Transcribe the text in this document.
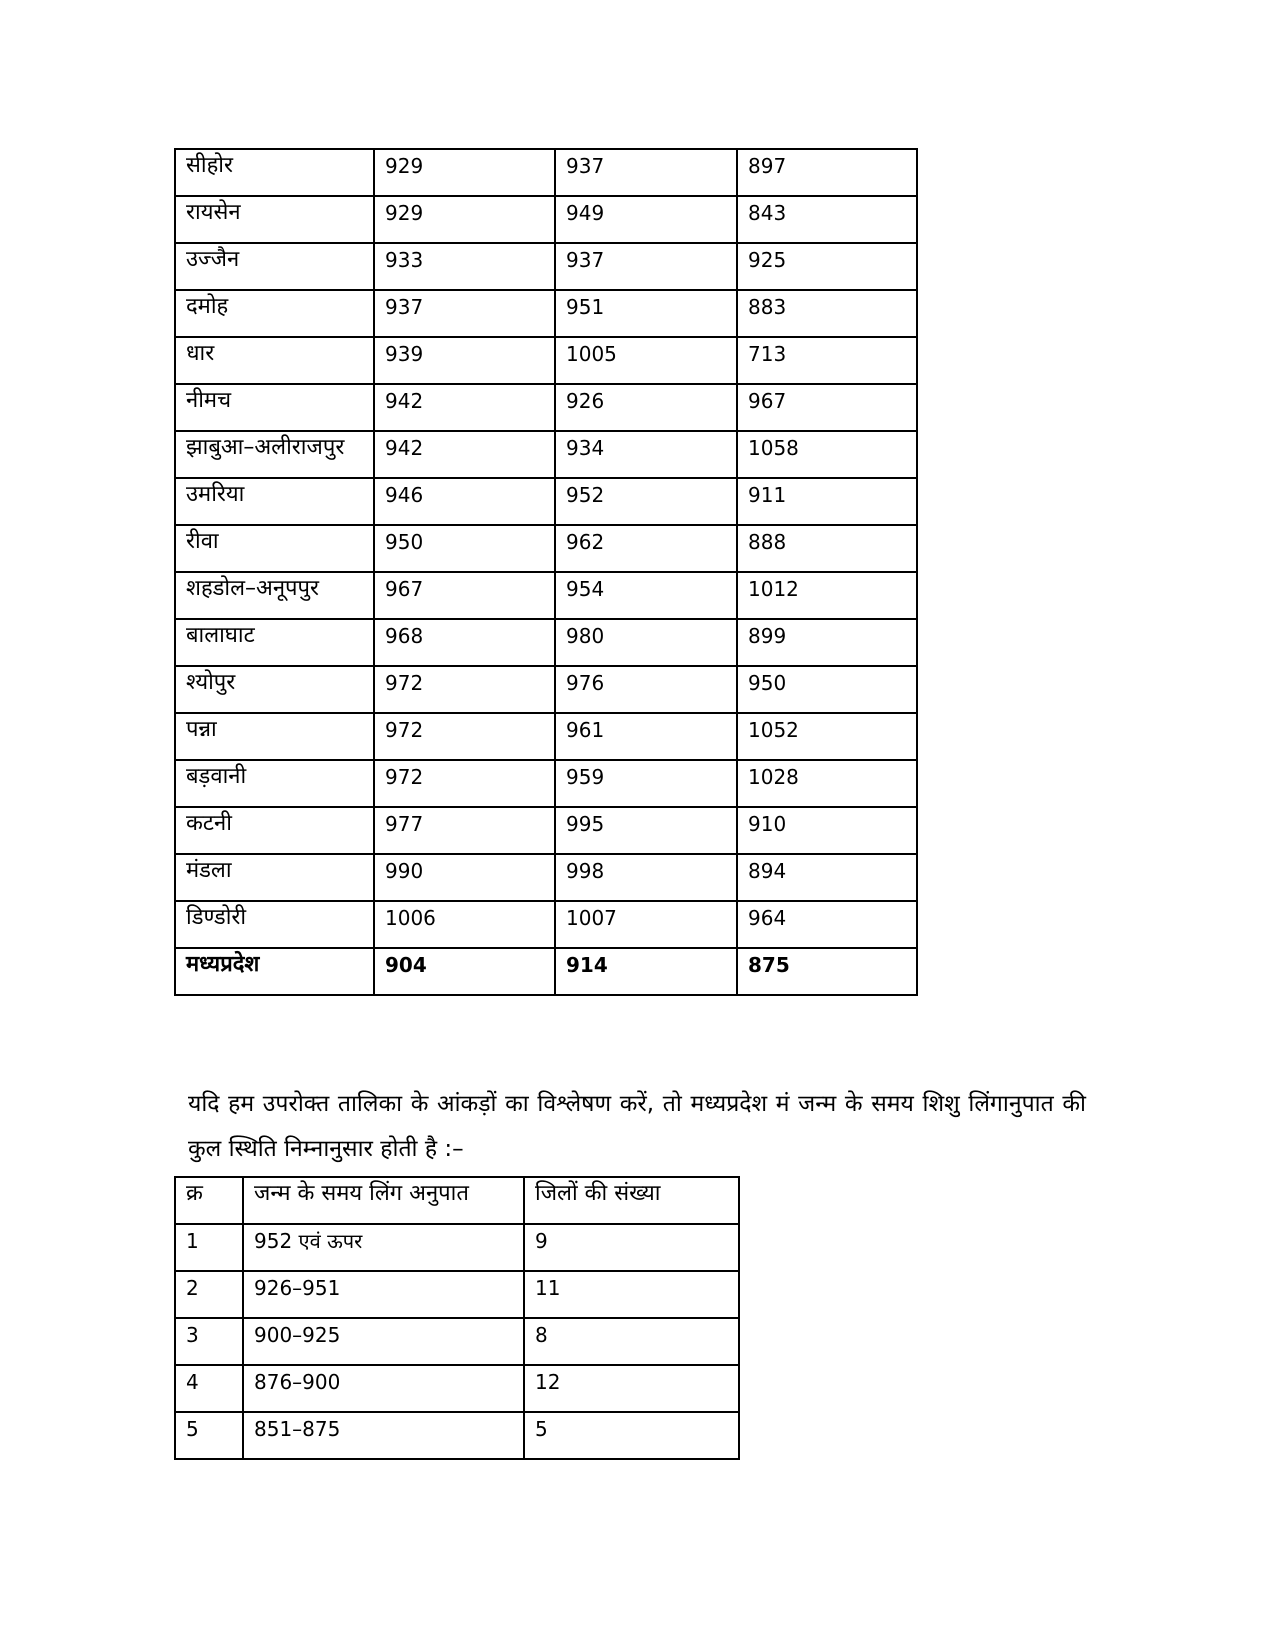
सीहोर	929	937	897
रायसेन	929	949	843
उज्जैन	933	937	925
दमोह	937	951	883
धार	939	1005	713
नीमच	942	926	967
झाबुआ–अलीराजपुर	942	934	1058
उमरिया	946	952	911
रीवा	950	962	888
शहडोल–अनूपपुर	967	954	1012
बालाघाट	968	980	899
श्योपुर	972	976	950
पन्ना	972	961	1052
बड़वानी	972	959	1028
कटनी	977	995	910
मंडला	990	998	894
डिण्डोरी	1006	1007	964
मध्यप्रदेश	904	914	875

यदि हम उपरोक्त तालिका के आंकड़ों का विश्लेषण करें, तो मध्यप्रदेश मं जन्म के समय शिशु लिंगानुपात की कुल स्थिति निम्नानुसार होती है :–

क्र	जन्म के समय लिंग अनुपात	जिलों की संख्या
1	952 एवं ऊपर	9
2	926–951	11
3	900–925	8
4	876–900	12
5	851–875	5
